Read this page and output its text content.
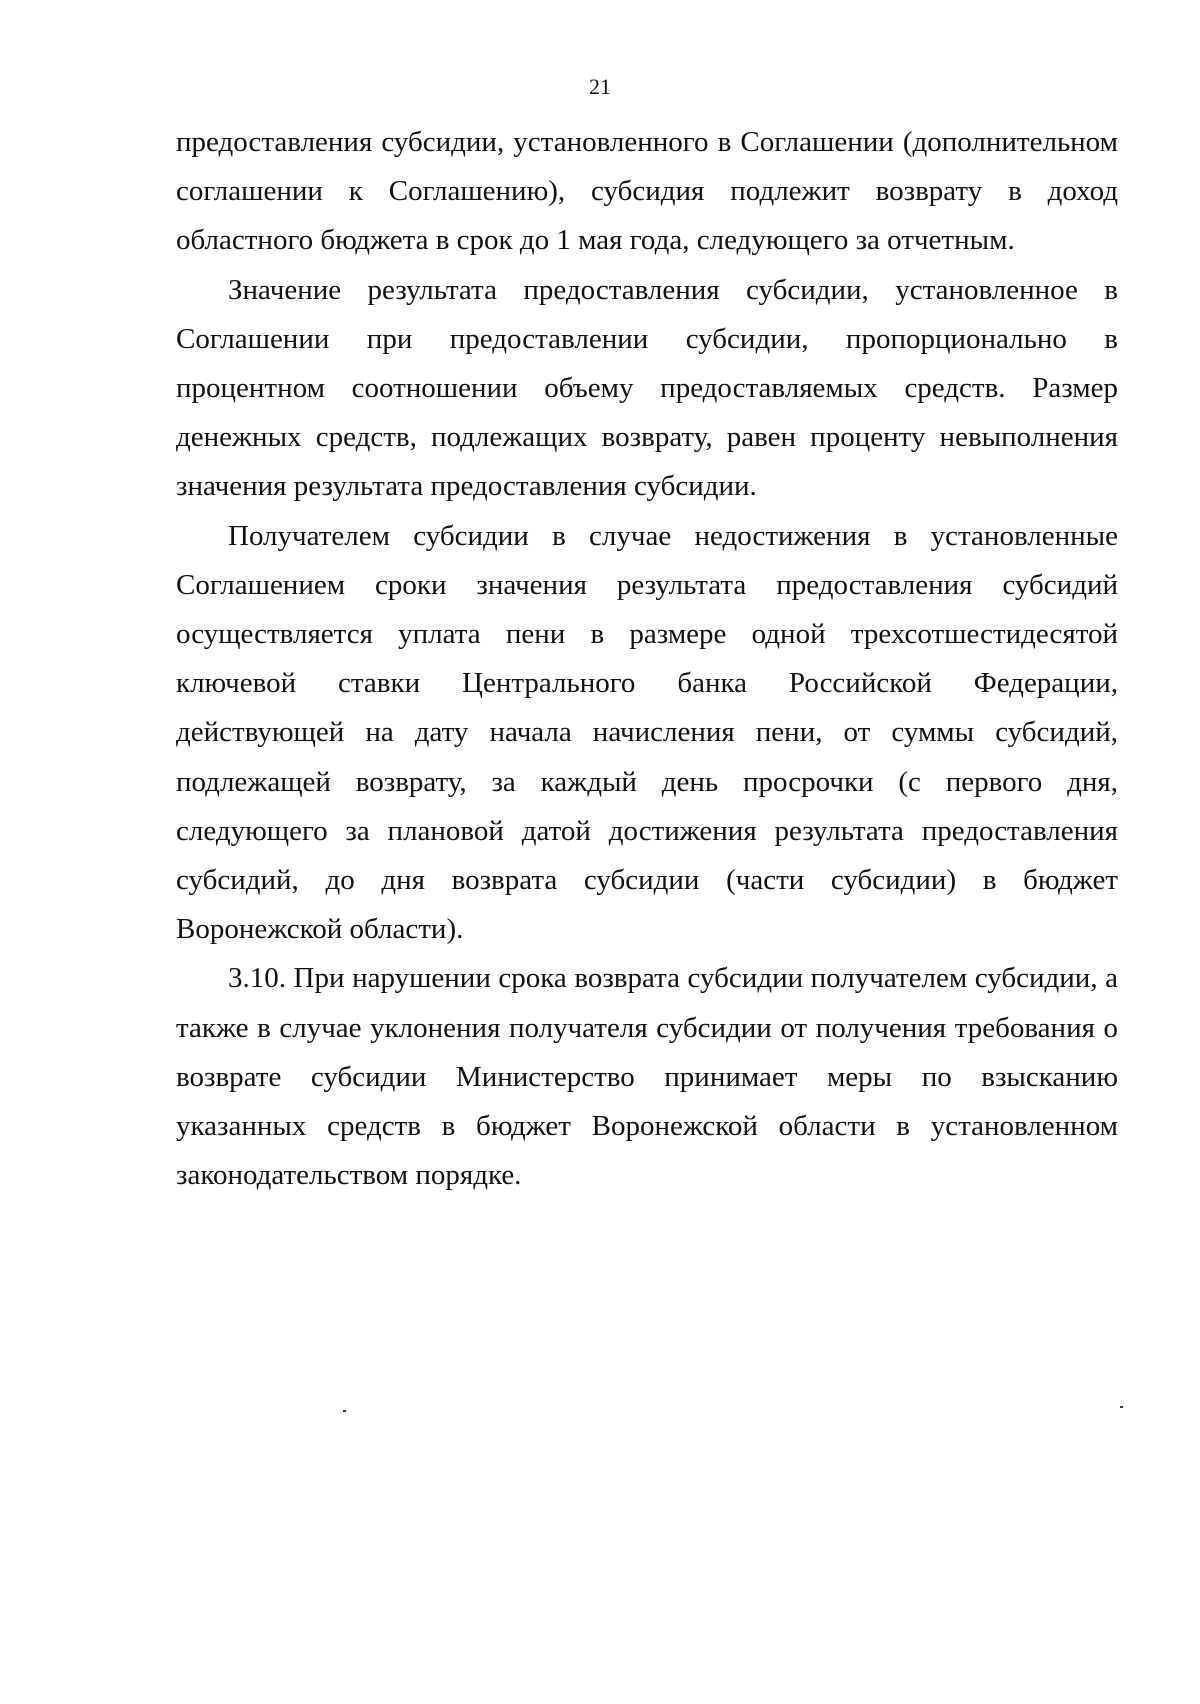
21

предоставления субсидии, установленного в Соглашении (дополнительном соглашении к Соглашению), субсидия подлежит возврату в доход областного бюджета в срок до 1 мая года, следующего за отчетным.

Значение результата предоставления субсидии, установленное в Соглашении при предоставлении субсидии, пропорционально в процентном соотношении объему предоставляемых средств. Размер денежных средств, подлежащих возврату, равен проценту невыполнения значения результата предоставления субсидии.

Получателем субсидии в случае недостижения в установленные Соглашением сроки значения результата предоставления субсидий осуществляется уплата пени в размере одной трехсотшестидесятой ключевой ставки Центрального банка Российской Федерации, действующей на дату начала начисления пени, от суммы субсидий, подлежащей возврату, за каждый день просрочки (с первого дня, следующего за плановой датой достижения результата предоставления субсидий, до дня возврата субсидии (части субсидии) в бюджет Воронежской области).

3.10. При нарушении срока возврата субсидии получателем субсидии, а также в случае уклонения получателя субсидии от получения требования о возврате субсидии Министерство принимает меры по взысканию указанных средств в бюджет Воронежской области в установленном законодательством порядке.
